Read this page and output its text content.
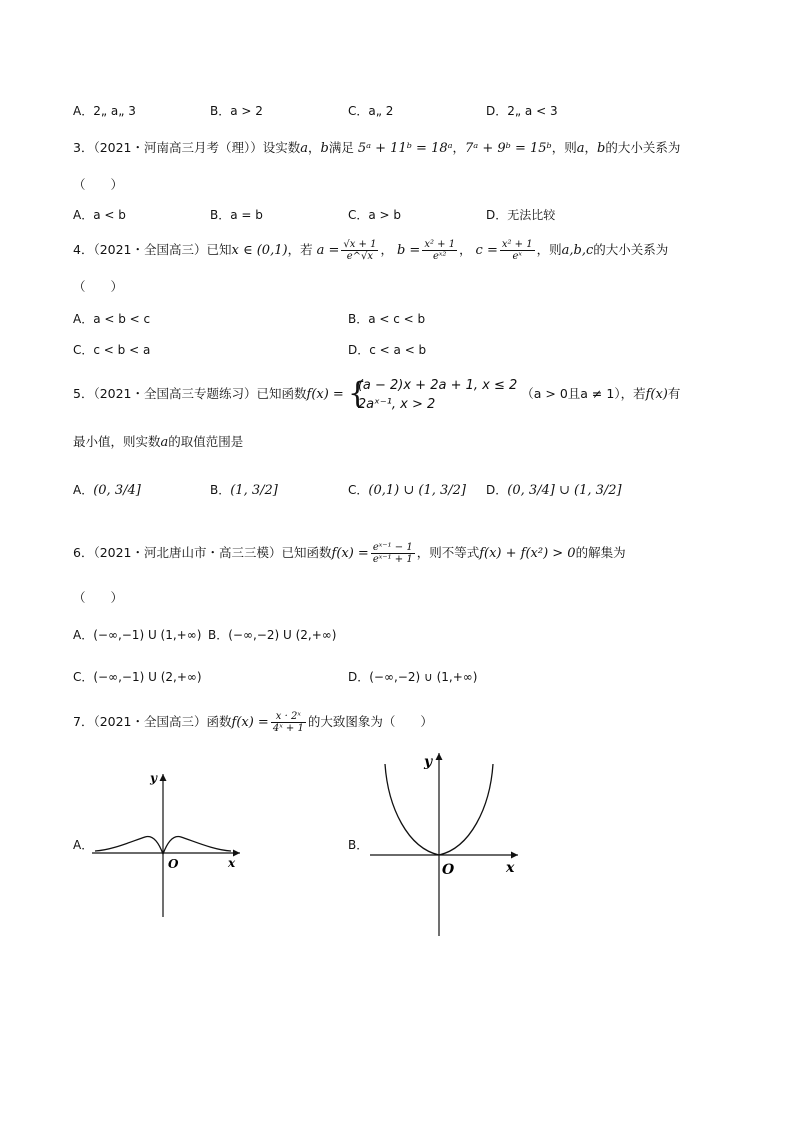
A．2„ a„ 3	B．a > 2	C．a„ 2	D．2„ a < 3
3．（2021・河南高三月考（理））设实数a，b满足 5ᵃ + 11ᵇ = 18ᵃ，7ᵃ + 9ᵇ = 15ᵇ，则a，b的大小关系为
（　　）
A．a < b	B．a = b	C．a > b	D．无法比较
4．（2021・全国高三）已知x ∈ (0,1)，若 $a = \frac{√x + 1}{e\^{}√x}$ ， $b = \frac{\text{x² + 1}}{\text{eˣ²}}$ ， $c = \frac{\text{x² + 1}}{\text{eˣ}}$ ，则a,b,c的大小关系为
（　　）
A．a < b < c	B．a < c < b
C．c < b < a	D．c < a < b
5．（2021・全国高三专题练习）已知函数f(x) = {
(a − 2)x + 2a + 1, x ≤ 2
2aˣ⁻¹, x > 2
（a > 0且a ≠ 1），若f(x)有
最小值，则实数a的取值范围是
A．(0, 3/4]	B．(1, 3/2]	C．(0,1) ∪ (1, 3/2] D．(0, 3/4] ∪ (1, 3/2]
6．（2021・河北唐山市・高三三模）已知函数$f(x) = \frac{\text{eˣ⁻¹ − 1}}{\text{eˣ⁻¹ + 1}}$ ，则不等式f(x) + f(x²) > 0的解集为
（　　）
A．(−∞,−1) U (1,+∞) B．(−∞,−2) U (2,+∞)
C．(−∞,−1) U (2,+∞)	D．(−∞,−2) ∪ (1,+∞)
7．（2021・全国高三）函数$f(x) = \frac{\text{x · 2ˣ}}{\text{4ˣ + 1}}$ 的大致图象为（　　）
A．	B．
y
x
O
y
x
O
